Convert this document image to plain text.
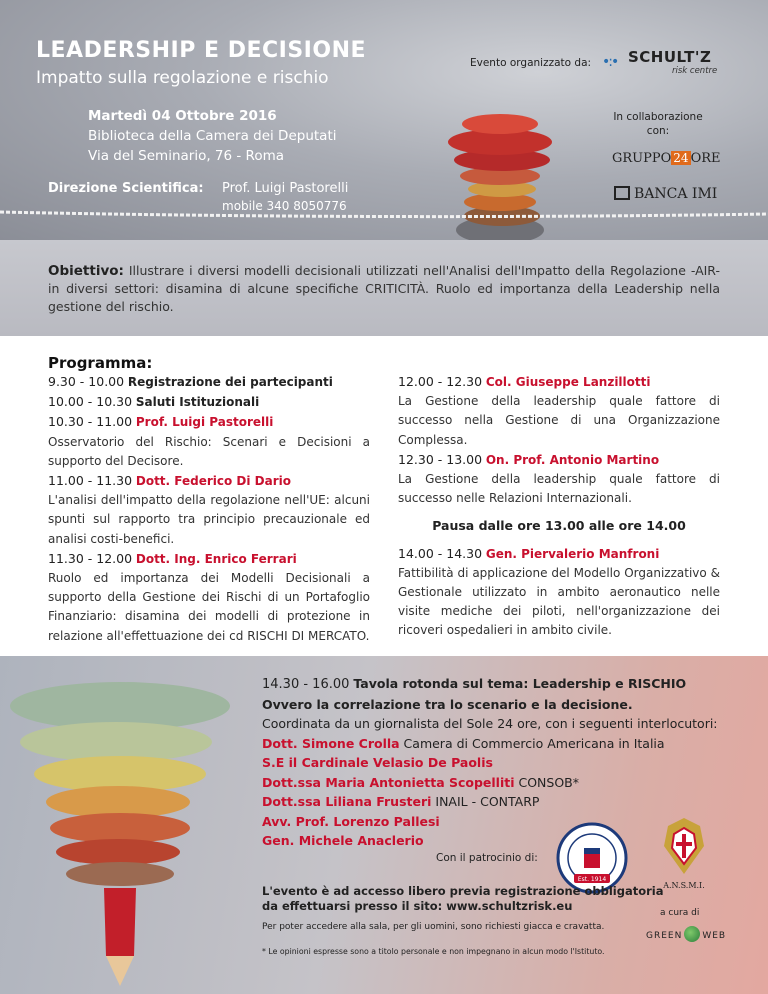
LEADERSHIP E DECISIONE
Impatto sulla regolazione e rischio
Martedì 04 Ottobre 2016
Biblioteca della Camera dei Deputati
Via del Seminario, 76 - Roma
Direzione Scientifica: Prof. Luigi Pastorelli
mobile 340 8050776
Evento organizzato da: •:• SCHULT'Z
risk centre
In collaborazione con:
GRUPPO 24 ORE
BANCA IMI
Obiettivo: Illustrare i diversi modelli decisionali utilizzati nell'Analisi dell'Impatto della Regolazione -AIR- in diversi settori: disamina di alcune specifiche CRITICITÀ. Ruolo ed importanza della Leadership nella gestione del rischio.
Programma:
9.30 - 10.00 Registrazione dei partecipanti
10.00 - 10.30 Saluti Istituzionali
10.30 - 11.00 Prof. Luigi Pastorelli
Osservatorio del Rischio: Scenari e Decisioni a supporto del Decisore.
11.00 - 11.30 Dott. Federico Di Dario
L'analisi dell'impatto della regolazione nell'UE: alcuni spunti sul rapporto tra principio precauzionale ed analisi costi-benefici.
11.30 - 12.00 Dott. Ing. Enrico Ferrari
Ruolo ed importanza dei Modelli Decisionali a supporto della Gestione dei Rischi di un Portafoglio Finanziario: disamina dei modelli di protezione in relazione all'effettuazione dei cd RISCHI DI MERCATO.
12.00 - 12.30 Col. Giuseppe Lanzillotti
La Gestione della leadership quale fattore di successo nella Gestione di una Organizzazione Complessa.
12.30 - 13.00 On. Prof. Antonio Martino
La Gestione della leadership quale fattore di successo nelle Relazioni Internazionali.
Pausa dalle ore 13.00 alle ore 14.00
14.00 - 14.30 Gen. Piervalerio Manfroni
Fattibilità di applicazione del Modello Organizzativo & Gestionale utilizzato in ambito aeronautico nelle visite mediche dei piloti, nell'organizzazione dei ricoveri ospedalieri in ambito civile.
14.30 - 16.00 Tavola rotonda sul tema: Leadership e RISCHIO
Ovvero la correlazione tra lo scenario e la decisione.
Coordinata da un giornalista del Sole 24 ore, con i seguenti interlocutori:
Dott. Simone Crolla Camera di Commercio Americana in Italia
S.E il Cardinale Velasio De Paolis
Dott.ssa Maria Antonietta Scopelliti CONSOB*
Dott.ssa Liliana Frusteri INAIL - CONTARP
Avv. Prof. Lorenzo Pallesi
Gen. Michele Anaclerio
Con il patrocinio di:
Est. 1914
A.N.S.M.I.
L'evento è ad accesso libero previa registrazione obbligatoria
da effettuarsi presso il sito: www.schultzrisk.eu
Per poter accedere alla sala, per gli uomini, sono richiesti giacca e cravatta.
* Le opinioni espresse sono a titolo personale e non impegnano in alcun modo l'Istituto.
a cura di
GREEN WEB
